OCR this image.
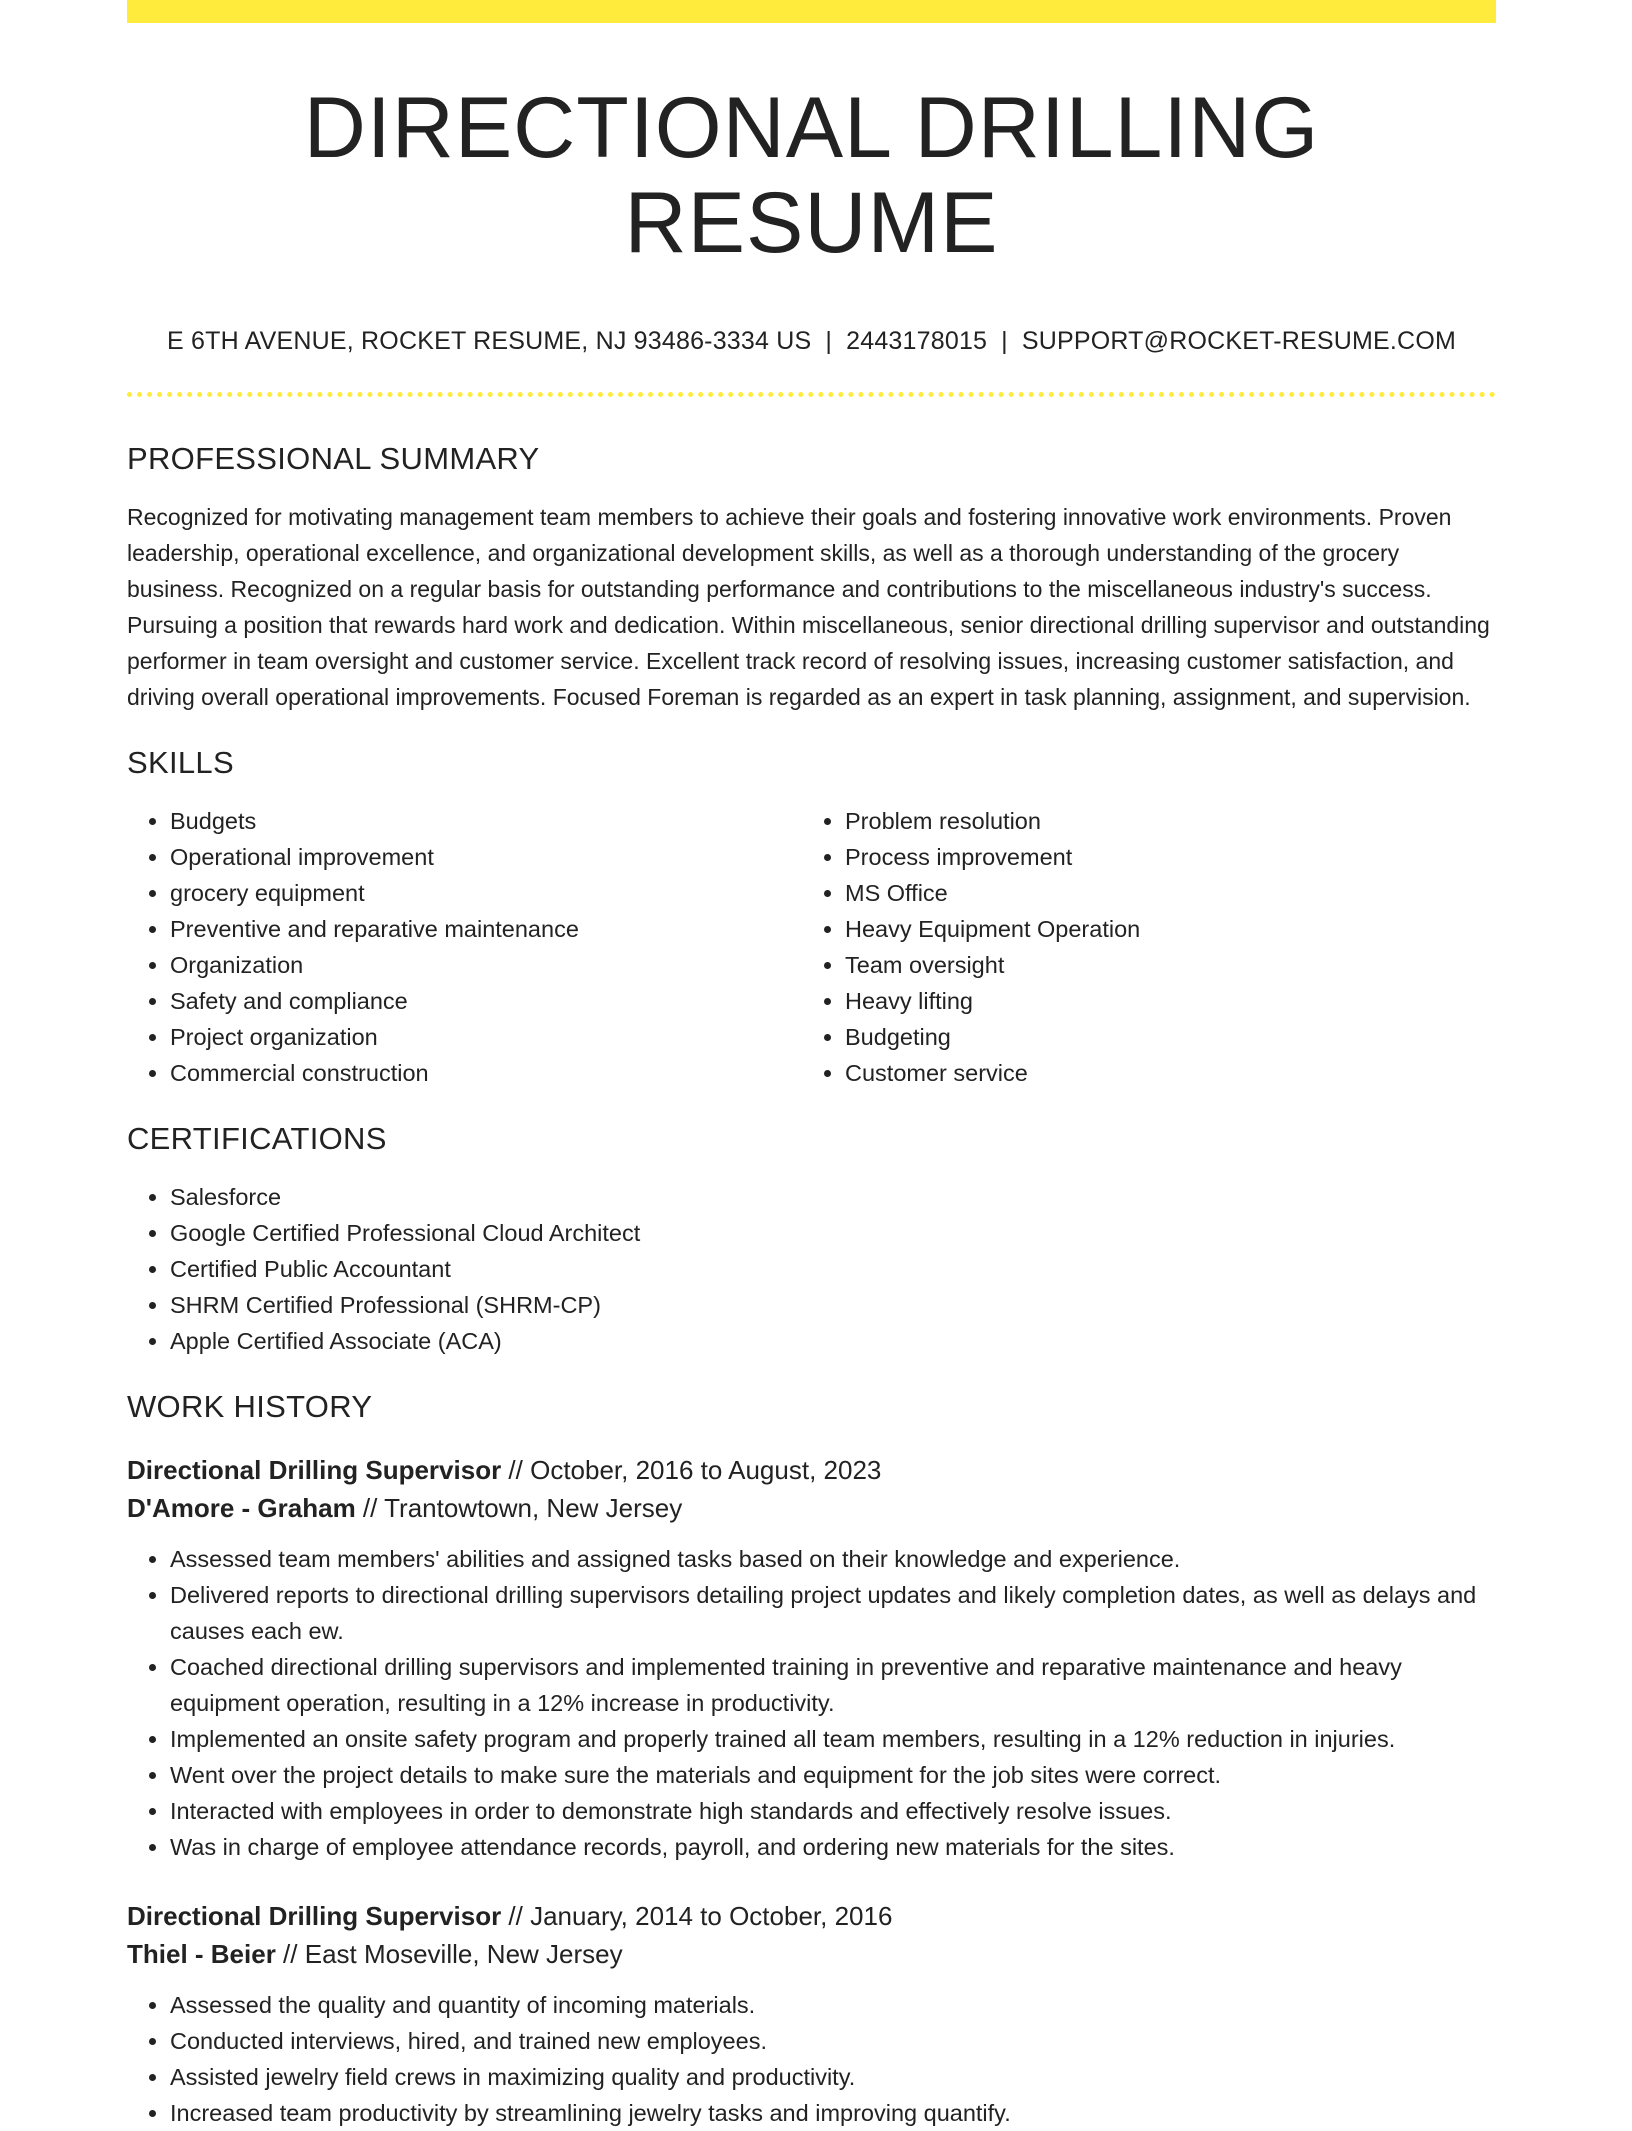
DIRECTIONAL DRILLING RESUME
E 6TH AVENUE, ROCKET RESUME, NJ 93486-3334 US | 2443178015 | SUPPORT@ROCKET-RESUME.COM
PROFESSIONAL SUMMARY

Recognized for motivating management team members to achieve their goals and fostering innovative work environments. Proven leadership, operational excellence, and organizational development skills, as well as a thorough understanding of the grocery business. Recognized on a regular basis for outstanding performance and contributions to the miscellaneous industry's success. Pursuing a position that rewards hard work and dedication. Within miscellaneous, senior directional drilling supervisor and outstanding performer in team oversight and customer service. Excellent track record of resolving issues, increasing customer satisfaction, and driving overall operational improvements. Focused Foreman is regarded as an expert in task planning, assignment, and supervision.

SKILLS
• Budgets
• Operational improvement
• grocery equipment
• Preventive and reparative maintenance
• Organization
• Safety and compliance
• Project organization
• Commercial construction
• Problem resolution
• Process improvement
• MS Office
• Heavy Equipment Operation
• Team oversight
• Heavy lifting
• Budgeting
• Customer service
CERTIFICATIONS
• Salesforce
• Google Certified Professional Cloud Architect
• Certified Public Accountant
• SHRM Certified Professional (SHRM-CP)
• Apple Certified Associate (ACA)
WORK HISTORY
Directional Drilling Supervisor // October, 2016 to August, 2023
D'Amore - Graham // Trantowtown, New Jersey
• Assessed team members' abilities and assigned tasks based on their knowledge and experience.
• Delivered reports to directional drilling supervisors detailing project updates and likely completion dates, as well as delays and causes each ew.
• Coached directional drilling supervisors and implemented training in preventive and reparative maintenance and heavy equipment operation, resulting in a 12% increase in productivity.
• Implemented an onsite safety program and properly trained all team members, resulting in a 12% reduction in injuries.
• Went over the project details to make sure the materials and equipment for the job sites were correct.
• Interacted with employees in order to demonstrate high standards and effectively resolve issues.
• Was in charge of employee attendance records, payroll, and ordering new materials for the sites.
Directional Drilling Supervisor // January, 2014 to October, 2016
Thiel - Beier // East Moseville, New Jersey
• Assessed the quality and quantity of incoming materials.
• Conducted interviews, hired, and trained new employees.
• Assisted jewelry field crews in maximizing quality and productivity.
• Increased team productivity by streamlining jewelry tasks and improving quantify.
